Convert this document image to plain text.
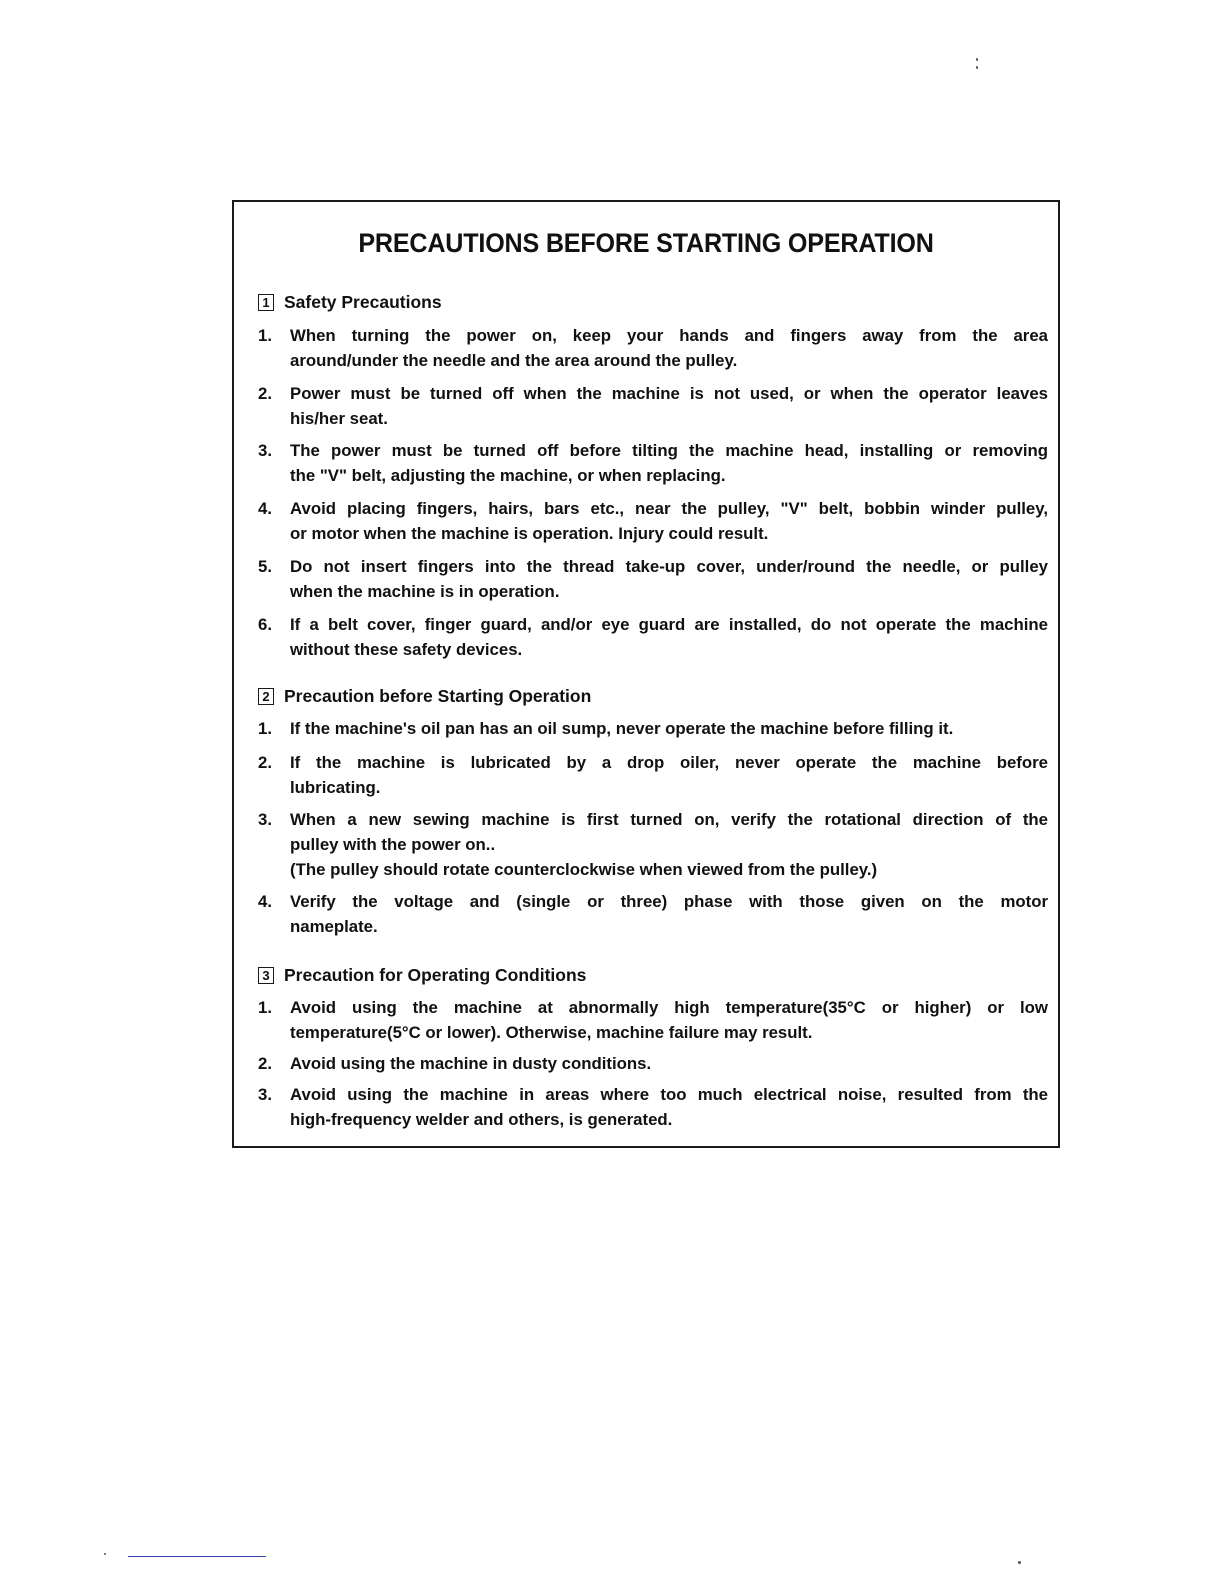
PRECAUTIONS BEFORE STARTING OPERATION
1 Safety Precautions
1.	When turning the power on, keep your hands and fingers away from the area
around/under the needle and the area around the pulley.
2.	Power must be turned off when the machine is not used, or when the operator leaves
his/her seat.
3.	The power must be turned off before tilting the machine head, installing or removing
the "V" belt, adjusting the machine, or when replacing.
4.	Avoid placing fingers, hairs, bars etc., near the pulley, "V" belt, bobbin winder pulley,
or motor when the machine is operation. Injury could result.
5.	Do not insert fingers into the thread take-up cover, under/round the needle, or pulley
when the machine is in operation.
6.	If a belt cover, finger guard, and/or eye guard are installed, do not operate the machine
without these safety devices.
2 Precaution before Starting Operation
1.	If the machine's oil pan has an oil sump, never operate the machine before filling it.
2.	If the machine is lubricated by a drop oiler, never operate the machine before
lubricating.
3.	When a new sewing machine is first turned on, verify the rotational direction of the
pulley with the power on..
(The pulley should rotate counterclockwise when viewed from the pulley.)
4.	Verify the voltage and (single or three) phase with those given on the motor
nameplate.
3 Precaution for Operating Conditions
1.	Avoid using the machine at abnormally high temperature(35°C or higher) or low
temperature(5°C or lower). Otherwise, machine failure may result.
2.	Avoid using the machine in dusty conditions.
3.	Avoid using the machine in areas where too much electrical noise, resulted from the
high-frequency welder and others, is generated.
